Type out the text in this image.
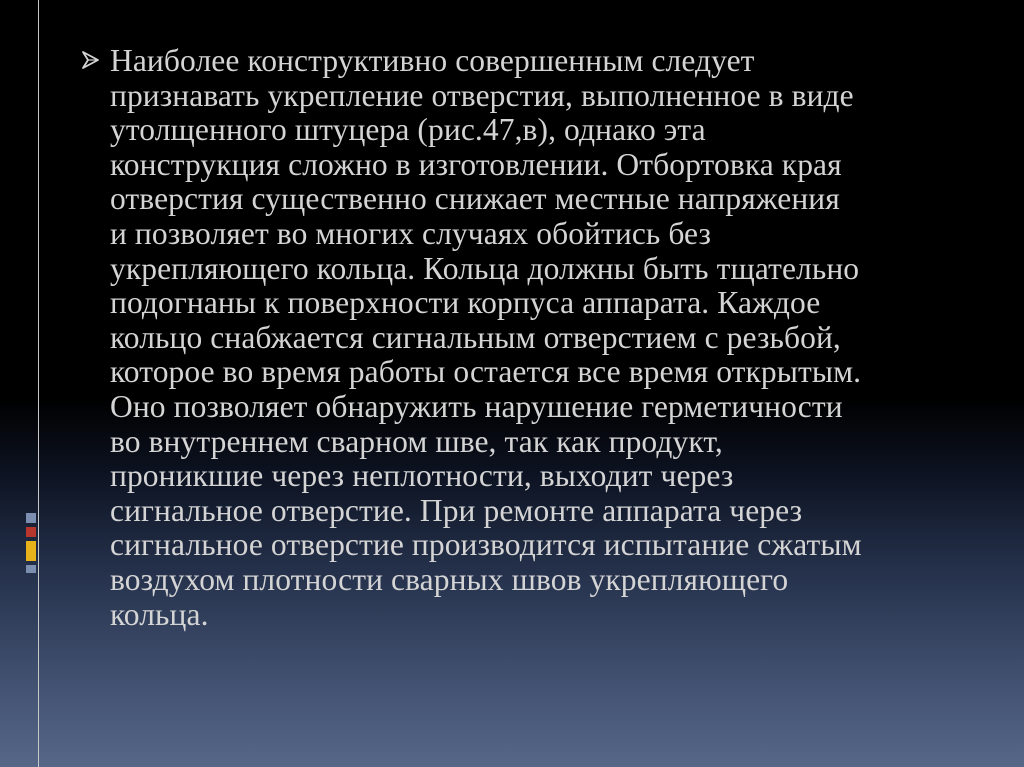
Наиболее конструктивно совершенным следует
признавать укрепление отверстия, выполненное в виде
утолщенного штуцера (рис.47,в), однако эта
конструкция сложно в изготовлении. Отбортовка края
отверстия существенно снижает местные напряжения
и позволяет во многих случаях обойтись без
укрепляющего кольца. Кольца должны быть тщательно
подогнаны к поверхности корпуса аппарата. Каждое
кольцо снабжается сигнальным отверстием с резьбой,
которое во время работы остается все время открытым.
Оно позволяет обнаружить нарушение герметичности
во внутреннем сварном шве, так как продукт,
проникшие через неплотности, выходит через
сигнальное отверстие. При ремонте аппарата через
сигнальное отверстие производится испытание сжатым
воздухом плотности сварных швов укрепляющего
кольца.
